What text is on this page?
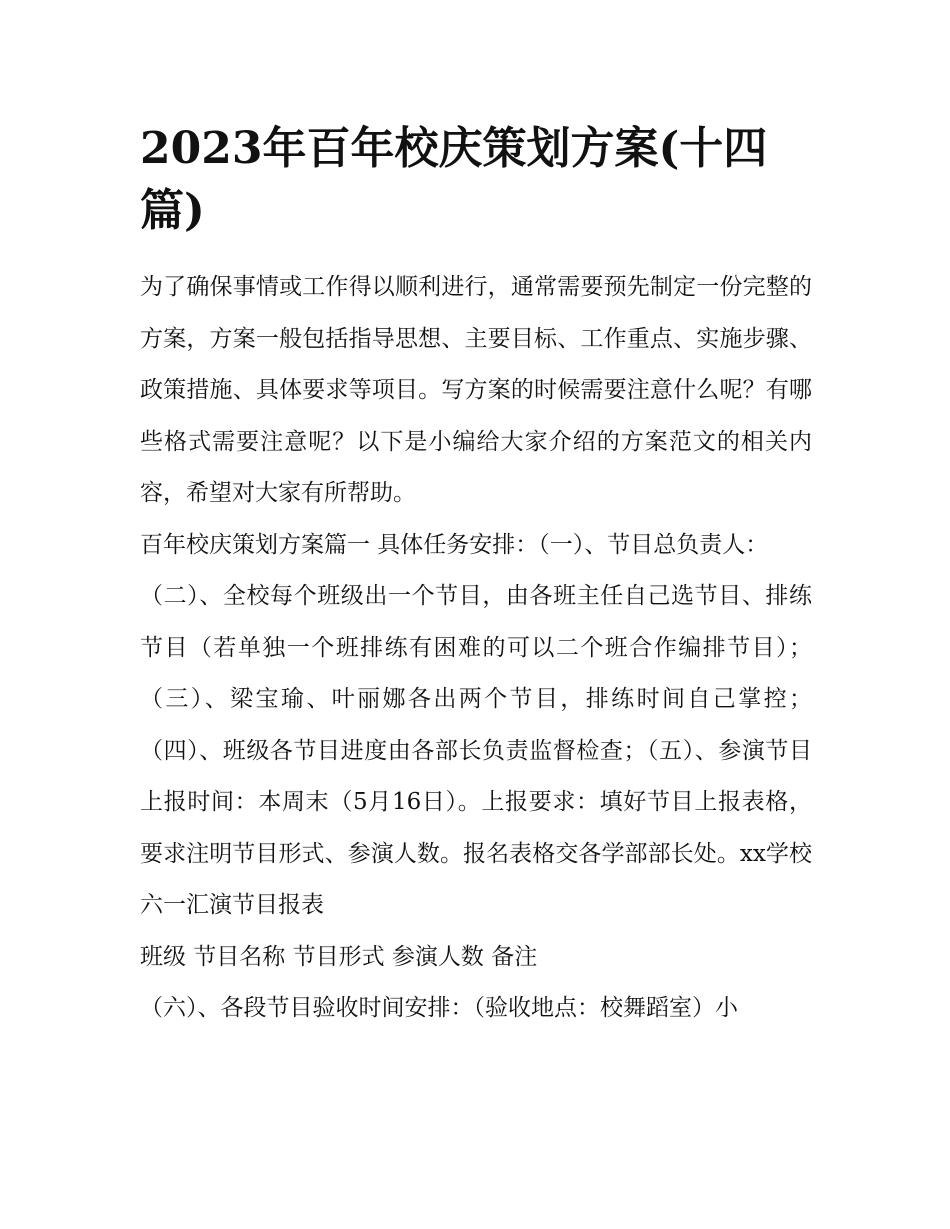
2023年百年校庆策划方案(十四篇)

为了确保事情或工作得以顺利进行，通常需要预先制定一份完整的方案，方案一般包括指导思想、主要目标、工作重点、实施步骤、政策措施、具体要求等项目。写方案的时候需要注意什么呢？有哪些格式需要注意呢？以下是小编给大家介绍的方案范文的相关内容，希望对大家有所帮助。

百年校庆策划方案篇一 具体任务安排：（一）、节目总负责人：

（二）、全校每个班级出一个节目，由各班主任自己选节目、排练节目（若单独一个班排练有困难的可以二个班合作编排节目）；（三）、梁宝瑜、叶丽娜各出两个节目，排练时间自己掌控；（四）、班级各节目进度由各部长负责监督检查；（五）、参演节目上报时间：本周末（5月16日）。上报要求：填好节目上报表格，要求注明节目形式、参演人数。报名表格交各学部部长处。xx学校六一汇演节目报表

班级 节目名称 节目形式 参演人数 备注

（六）、各段节目验收时间安排：（验收地点：校舞蹈室）小
